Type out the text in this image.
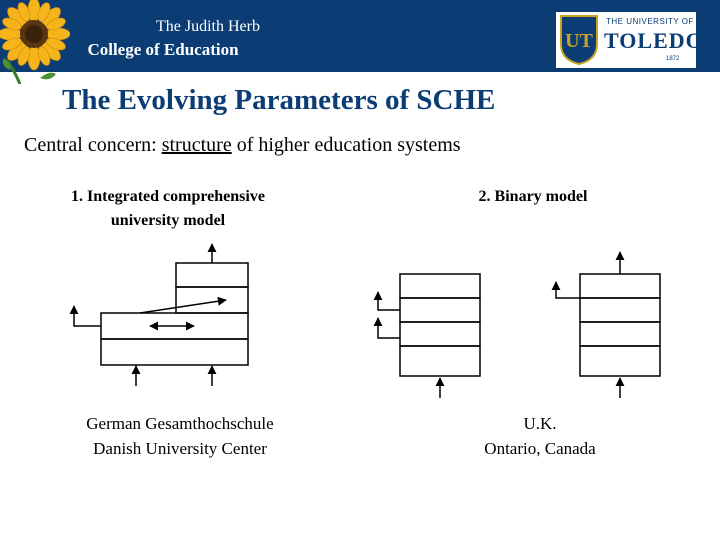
The Judith Herb
College of Education	UT
THE UNIVERSITY OF
TOLEDO
1872
The Evolving Parameters of SCHE
Central concern: structure of higher education systems
1. Integrated comprehensive
university model
2. Binary model
German Gesamthochschule
Danish University Center
U.K.
Ontario, Canada
